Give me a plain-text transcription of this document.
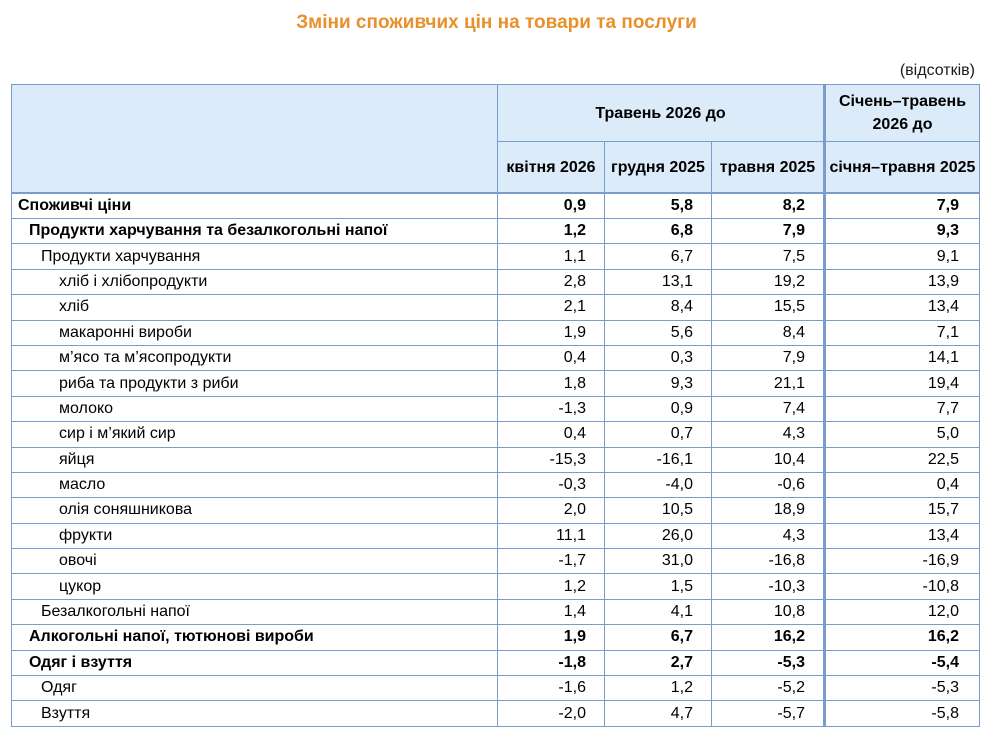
Зміни споживчих цін на товари та послуги
(відсотків)
	Травень 2026 до			Січень–травень 2026 до
	квітня 2026	грудня 2025	травня 2025	січня–травня 2025
Споживчі ціни	0,9	5,8	8,2	7,9
Продукти харчування та безалкогольні напої	1,2	6,8	7,9	9,3
Продукти харчування	1,1	6,7	7,5	9,1
хліб і хлібопродукти	2,8	13,1	19,2	13,9
хліб	2,1	8,4	15,5	13,4
макаронні вироби	1,9	5,6	8,4	7,1
м’ясо та м’ясопродукти	0,4	0,3	7,9	14,1
риба та продукти з риби	1,8	9,3	21,1	19,4
молоко	-1,3	0,9	7,4	7,7
сир і м’який сир	0,4	0,7	4,3	5,0
яйця	-15,3	-16,1	10,4	22,5
масло	-0,3	-4,0	-0,6	0,4
олія соняшникова	2,0	10,5	18,9	15,7
фрукти	11,1	26,0	4,3	13,4
овочі	-1,7	31,0	-16,8	-16,9
цукор	1,2	1,5	-10,3	-10,8
Безалкогольні напої	1,4	4,1	10,8	12,0
Алкогольні напої, тютюнові вироби	1,9	6,7	16,2	16,2
Одяг і взуття	-1,8	2,7	-5,3	-5,4
Одяг	-1,6	1,2	-5,2	-5,3
Взуття	-2,0	4,7	-5,7	-5,8
